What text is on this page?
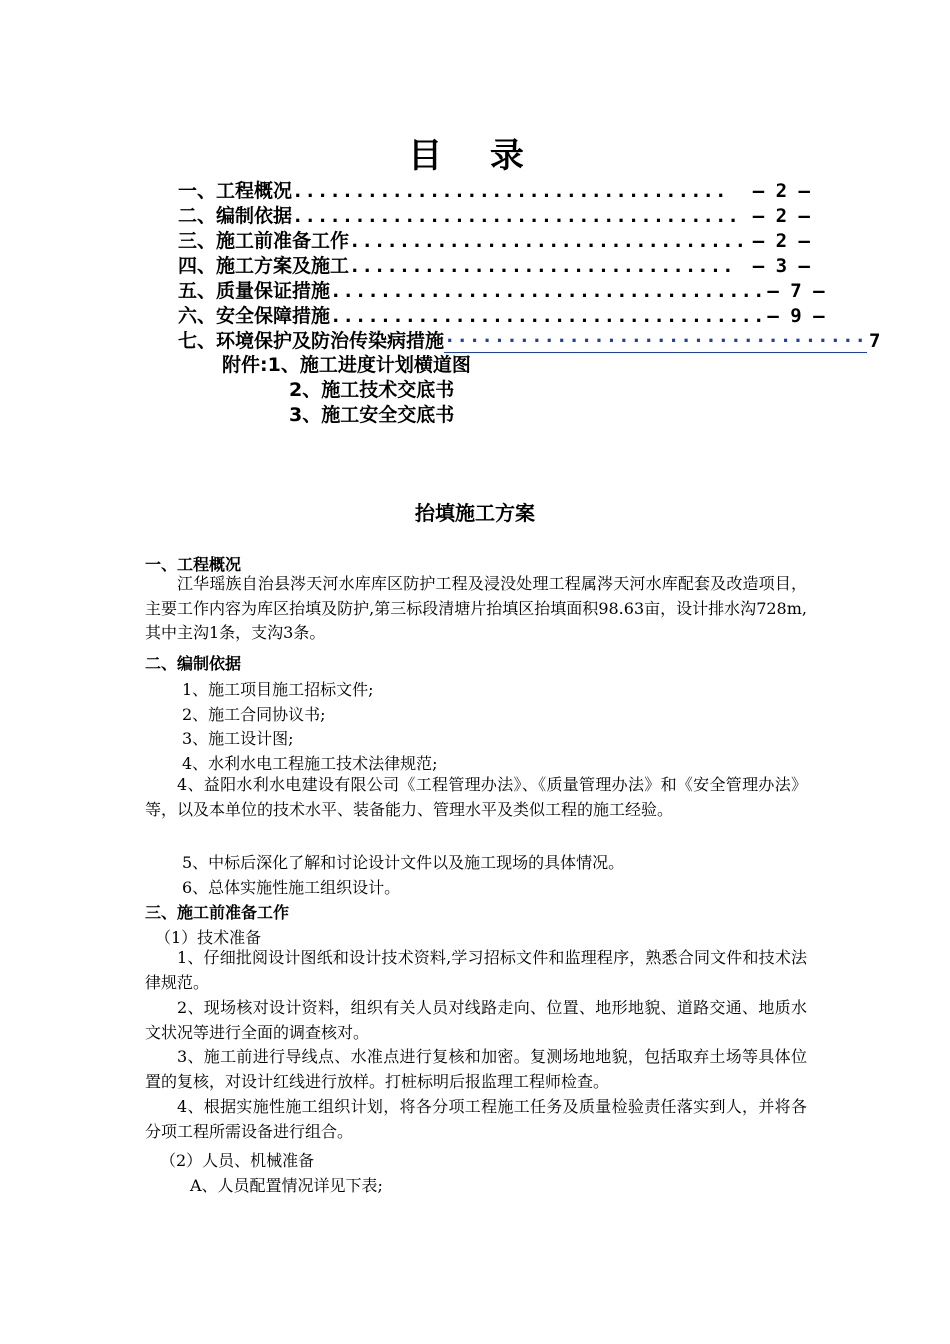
目 录
一、工程概况 ...................................	— 2 —
二、编制依据 .................................... – 2 —
三、施工前准备工作 ................................ – 2 –
四、施工方案及施工 ............................... – 3 —
五、质量保证措施 ................................... – 7 –
六、安全保障措施 ................................... — 9 —
七、环境保护及防治传染病措施 ·································· 7
附件:1、施工进度计划横道图
2、施工技术交底书
3、施工安全交底书
抬填施工方案
一、工程概况
江华瑶族自治县涔天河水库库区防护工程及浸没处理工程属涔天河水库配套及改造项目，主要工作内容为库区抬填及防护,第三标段清塘片抬填区抬填面积98.63亩，设计排水沟728m,其中主沟1条，支沟3条。
二、编制依据
1、施工项目施工招标文件;
2、施工合同协议书;
3、施工设计图;
4、水利水电工程施工技术法律规范;
4、益阳水利水电建设有限公司《工程管理办法》、《质量管理办法》和《安全管理办法》等，以及本单位的技术水平、装备能力、管理水平及类似工程的施工经验。
5、中标后深化了解和讨论设计文件以及施工现场的具体情况。
6、总体实施性施工组织设计。
三、施工前准备工作
（1）技术准备
1、仔细批阅设计图纸和设计技术资料,学习招标文件和监理程序，熟悉合同文件和技术法律规范。
2、现场核对设计资料，组织有关人员对线路走向、位置、地形地貌、道路交通、地质水文状况等进行全面的调查核对。
3、施工前进行导线点、水准点进行复核和加密。复测场地地貌，包括取弃土场等具体位置的复核，对设计红线进行放样。打桩标明后报监理工程师检查。
4、根据实施性施工组织计划，将各分项工程施工任务及质量检验责任落实到人，并将各分项工程所需设备进行组合。
（2）人员、机械准备
A、人员配置情况详见下表;
